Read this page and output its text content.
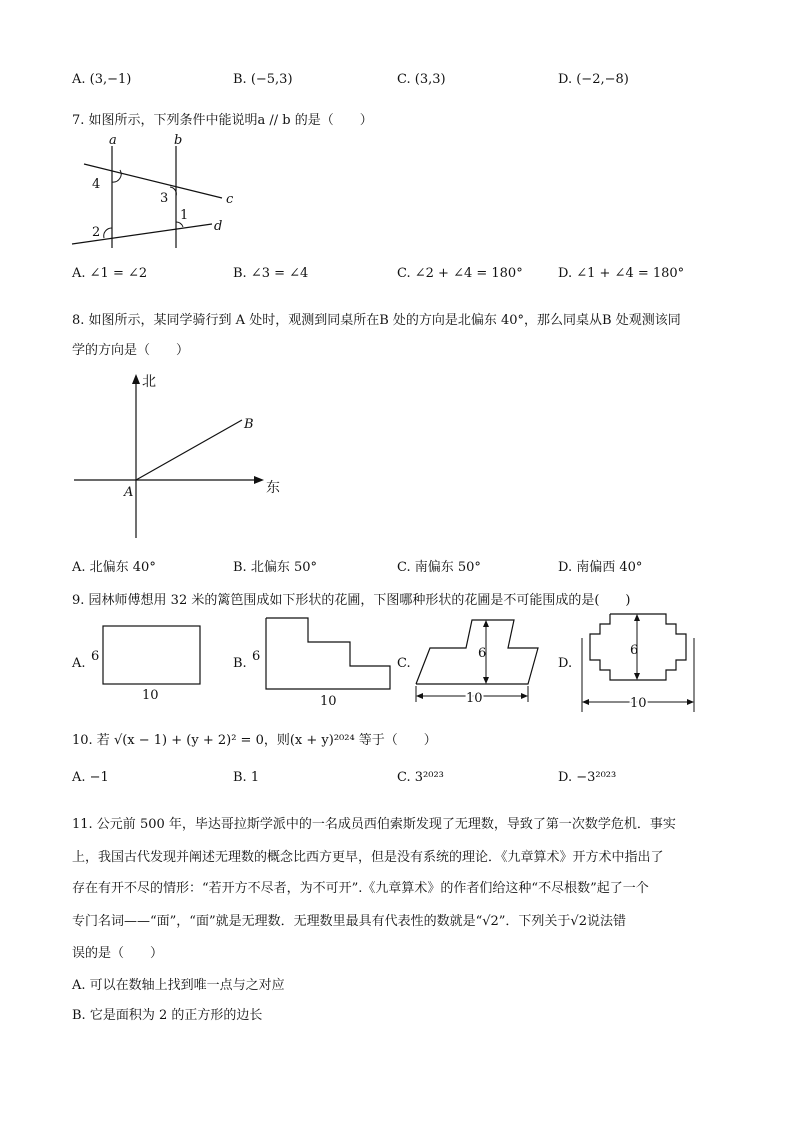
A. (3,−1)	B. (−5,3)	C. (3,3)	D. (−2,−8)
7. 如图所示，下列条件中能说明a // b 的是（　　）
a	b
c
d
4
3
1
2
A. ∠1 = ∠2	B. ∠3 = ∠4	C. ∠2 + ∠4 = 180°	D. ∠1 + ∠4 = 180°
8. 如图所示，某同学骑行到 A 处时，观测到同桌所在B 处的方向是北偏东 40°，那么同桌从B 处观测该同
学的方向是（　　）
北
东
A
B
A. 北偏东 40°	B. 北偏东 50°	C. 南偏东 50°	D. 南偏西 40°
9. 园林师傅想用 32 米的篱笆围成如下形状的花圃，下图哪种形状的花圃是不可能围成的是(　　)
A. 6
10
B. 6
10
C.
6
10
D.
6
10
10. 若 √(x − 1) + (y + 2)² = 0，则(x + y)²⁰²⁴ 等于（　　）
A. −1	B. 1	C. 3²⁰²³	D. −3²⁰²³
11. 公元前 500 年，毕达哥拉斯学派中的一名成员西伯索斯发现了无理数，导致了第一次数学危机．事实
上，我国古代发现并阐述无理数的概念比西方更早，但是没有系统的理论．《九章算术》开方术中指出了
存在有开不尽的情形：“若开方不尽者，为不可开”.《九章算术》的作者们给这种“不尽根数”起了一个
专门名词——“面”，“面”就是无理数．无理数里最具有代表性的数就是“√2”．下列关于√2说法错
误的是（　　）
A. 可以在数轴上找到唯一点与之对应
B. 它是面积为 2 的正方形的边长
